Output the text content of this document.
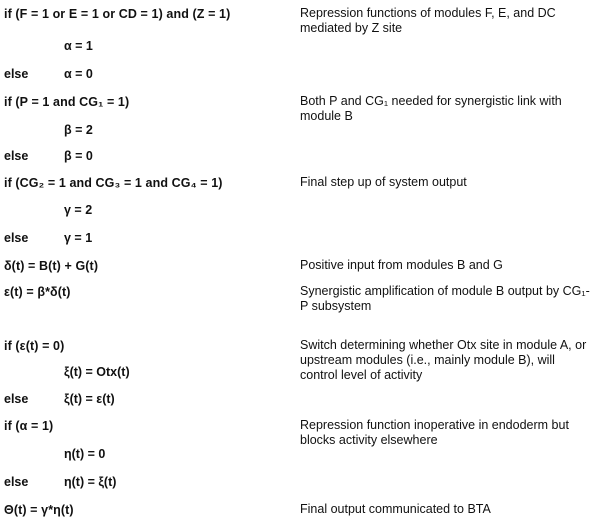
if (F = 1 or E = 1 or CD = 1) and (Z = 1)	Repression functions of modules F, E, and DC mediated by Z site
α = 1
else	α = 0
if (P = 1 and CG₁ = 1)	Both P and CG₁ needed for synergistic link with module B
β = 2
else	β = 0
if (CG₂ = 1 and CG₃ = 1 and CG₄ = 1)	Final step up of system output
γ = 2
else	γ = 1
δ(t) = B(t) + G(t)	Positive input from modules B and G
ε(t) = β*δ(t)	Synergistic amplification of module B output by CG₁-P subsystem
if (ε(t) = 0)	Switch determining whether Otx site in module A, or upstream modules (i.e., mainly module B), will control level of activity
ξ(t) = Otx(t)
else	ξ(t) = ε(t)
if (α = 1)	Repression function inoperative in endoderm but blocks activity elsewhere
η(t) = 0
else	η(t) = ξ(t)
Θ(t) = γ*η(t)	Final output communicated to BTA
